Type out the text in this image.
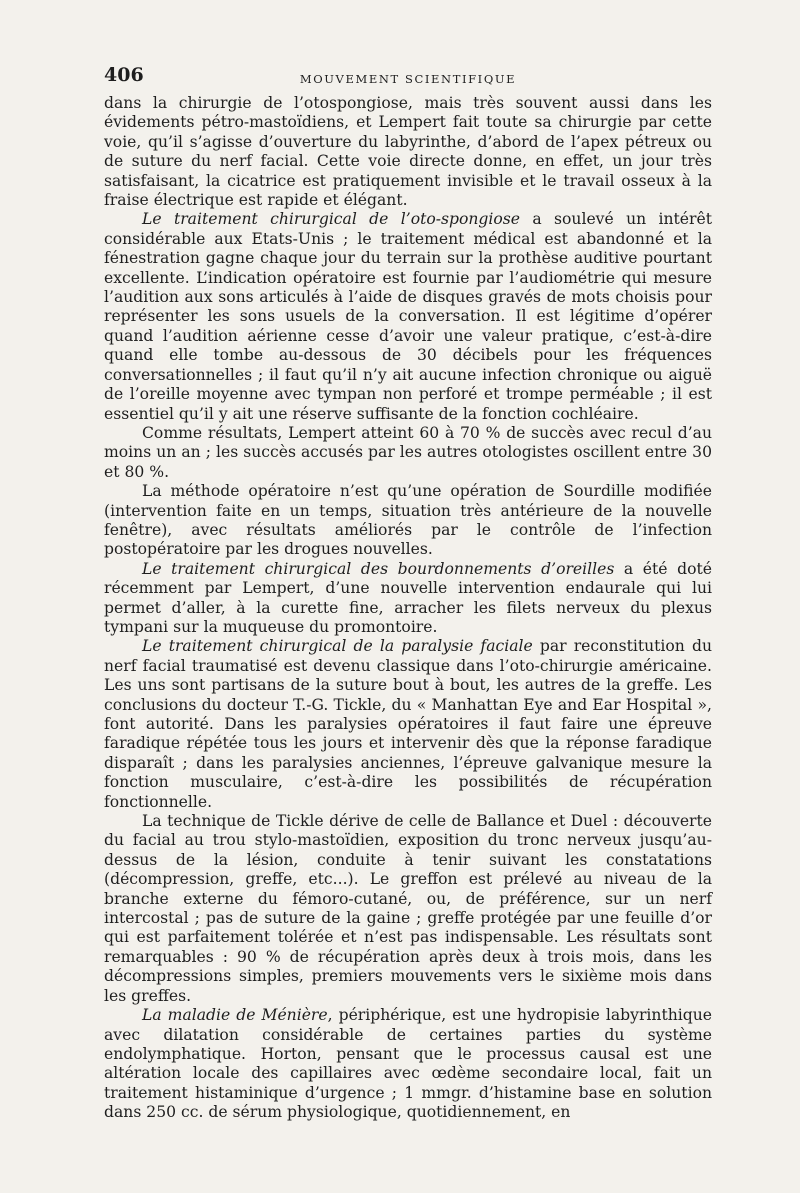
406	MOUVEMENT SCIENTIFIQUE

dans la chirurgie de l’otospongiose, mais très souvent aussi dans les évidements pétro-mastoïdiens, et Lempert fait toute sa chirurgie par cette voie, qu’il s’agisse d’ouverture du labyrinthe, d’abord de l’apex pétreux ou de suture du nerf facial. Cette voie directe donne, en effet, un jour très satisfaisant, la cicatrice est pratiquement invisible et le travail osseux à la fraise électrique est rapide et élégant.

Le traitement chirurgical de l’oto-spongiose a soulevé un intérêt considérable aux Etats-Unis ; le traitement médical est abandonné et la fénestration gagne chaque jour du terrain sur la prothèse auditive pourtant excellente. L’indication opératoire est fournie par l’audiométrie qui mesure l’audition aux sons articulés à l’aide de disques gravés de mots choisis pour représenter les sons usuels de la conversation. Il est légitime d’opérer quand l’audition aérienne cesse d’avoir une valeur pratique, c’est-à-dire quand elle tombe au-dessous de 30 décibels pour les fréquences conversationnelles ; il faut qu’il n’y ait aucune infection chronique ou aiguë de l’oreille moyenne avec tympan non perforé et trompe perméable ; il est essentiel qu’il y ait une réserve suffisante de la fonction cochléaire.

Comme résultats, Lempert atteint 60 à 70 % de succès avec recul d’au moins un an ; les succès accusés par les autres otologistes oscillent entre 30 et 80 %.

La méthode opératoire n’est qu’une opération de Sourdille modifiée (intervention faite en un temps, situation très antérieure de la nouvelle fenêtre), avec résultats améliorés par le contrôle de l’infection postopératoire par les drogues nouvelles.

Le traitement chirurgical des bourdonnements d’oreilles a été doté récemment par Lempert, d’une nouvelle intervention endaurale qui lui permet d’aller, à la curette fine, arracher les filets nerveux du plexus tympani sur la muqueuse du promontoire.

Le traitement chirurgical de la paralysie faciale par reconstitution du nerf facial traumatisé est devenu classique dans l’oto-chirurgie américaine. Les uns sont partisans de la suture bout à bout, les autres de la greffe. Les conclusions du docteur T.-G. Tickle, du « Manhattan Eye and Ear Hospital », font autorité. Dans les paralysies opératoires il faut faire une épreuve faradique répétée tous les jours et intervenir dès que la réponse faradique disparaît ; dans les paralysies anciennes, l’épreuve galvanique mesure la fonction musculaire, c’est-à-dire les possibilités de récupération fonctionnelle.

La technique de Tickle dérive de celle de Ballance et Duel : découverte du facial au trou stylo-mastoïdien, exposition du tronc nerveux jusqu’au-dessus de la lésion, conduite à tenir suivant les constatations (décompression, greffe, etc...). Le greffon est prélevé au niveau de la branche externe du fémoro-cutané, ou, de préférence, sur un nerf intercostal ; pas de suture de la gaine ; greffe protégée par une feuille d’or qui est parfaitement tolérée et n’est pas indispensable. Les résultats sont remarquables : 90 % de récupération après deux à trois mois, dans les décompressions simples, premiers mouvements vers le sixième mois dans les greffes.

La maladie de Ménière, périphérique, est une hydropisie labyrinthique avec dilatation considérable de certaines parties du système endolymphatique. Horton, pensant que le processus causal est une altération locale des capillaires avec œdème secondaire local, fait un traitement histaminique d’urgence ; 1 mmgr. d’histamine base en solution dans 250 cc. de sérum physiologique, quotidiennement, en
